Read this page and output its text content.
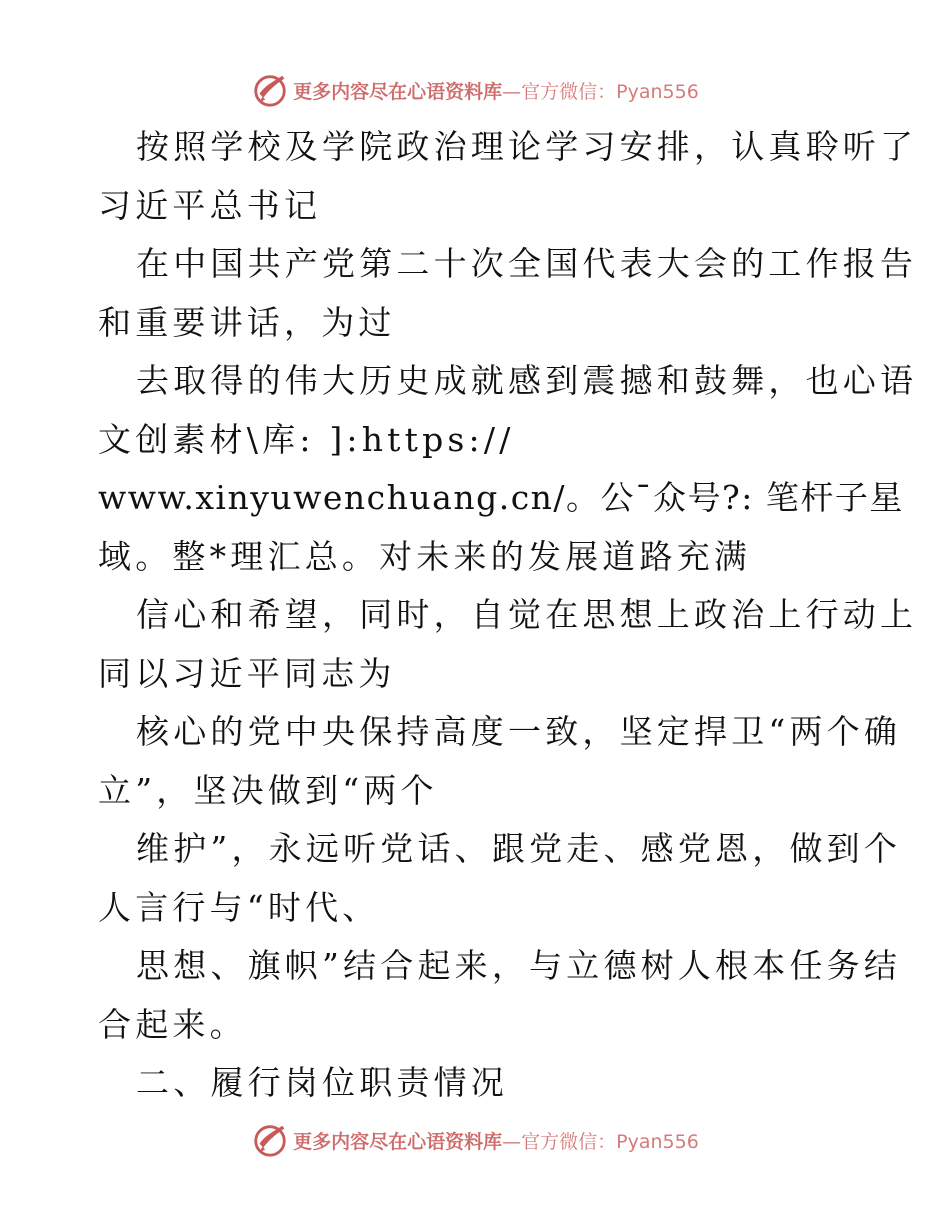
更多内容尽在心语资料库—官方微信：Pyan556
按照学校及学院政治理论学习安排，认真聆听了
习近平总书记
在中国共产党第二十次全国代表大会的工作报告
和重要讲话，为过
去取得的伟大历史成就感到震撼和鼓舞，也心语
文创素材\库: ]:https://
www.xinyuwenchuang.cn/。公¯众号?: 笔杆子星
域。整*理汇总。对未来的发展道路充满
信心和希望，同时，自觉在思想上政治上行动上
同以习近平同志为
核心的党中央保持高度一致，坚定捍卫“两个确
立”，坚决做到“两个
维护”，永远听党话、跟党走、感党恩，做到个
人言行与“时代、
思想、旗帜”结合起来，与立德树人根本任务结
合起来。
二、履行岗位职责情况
更多内容尽在心语资料库—官方微信：Pyan556
